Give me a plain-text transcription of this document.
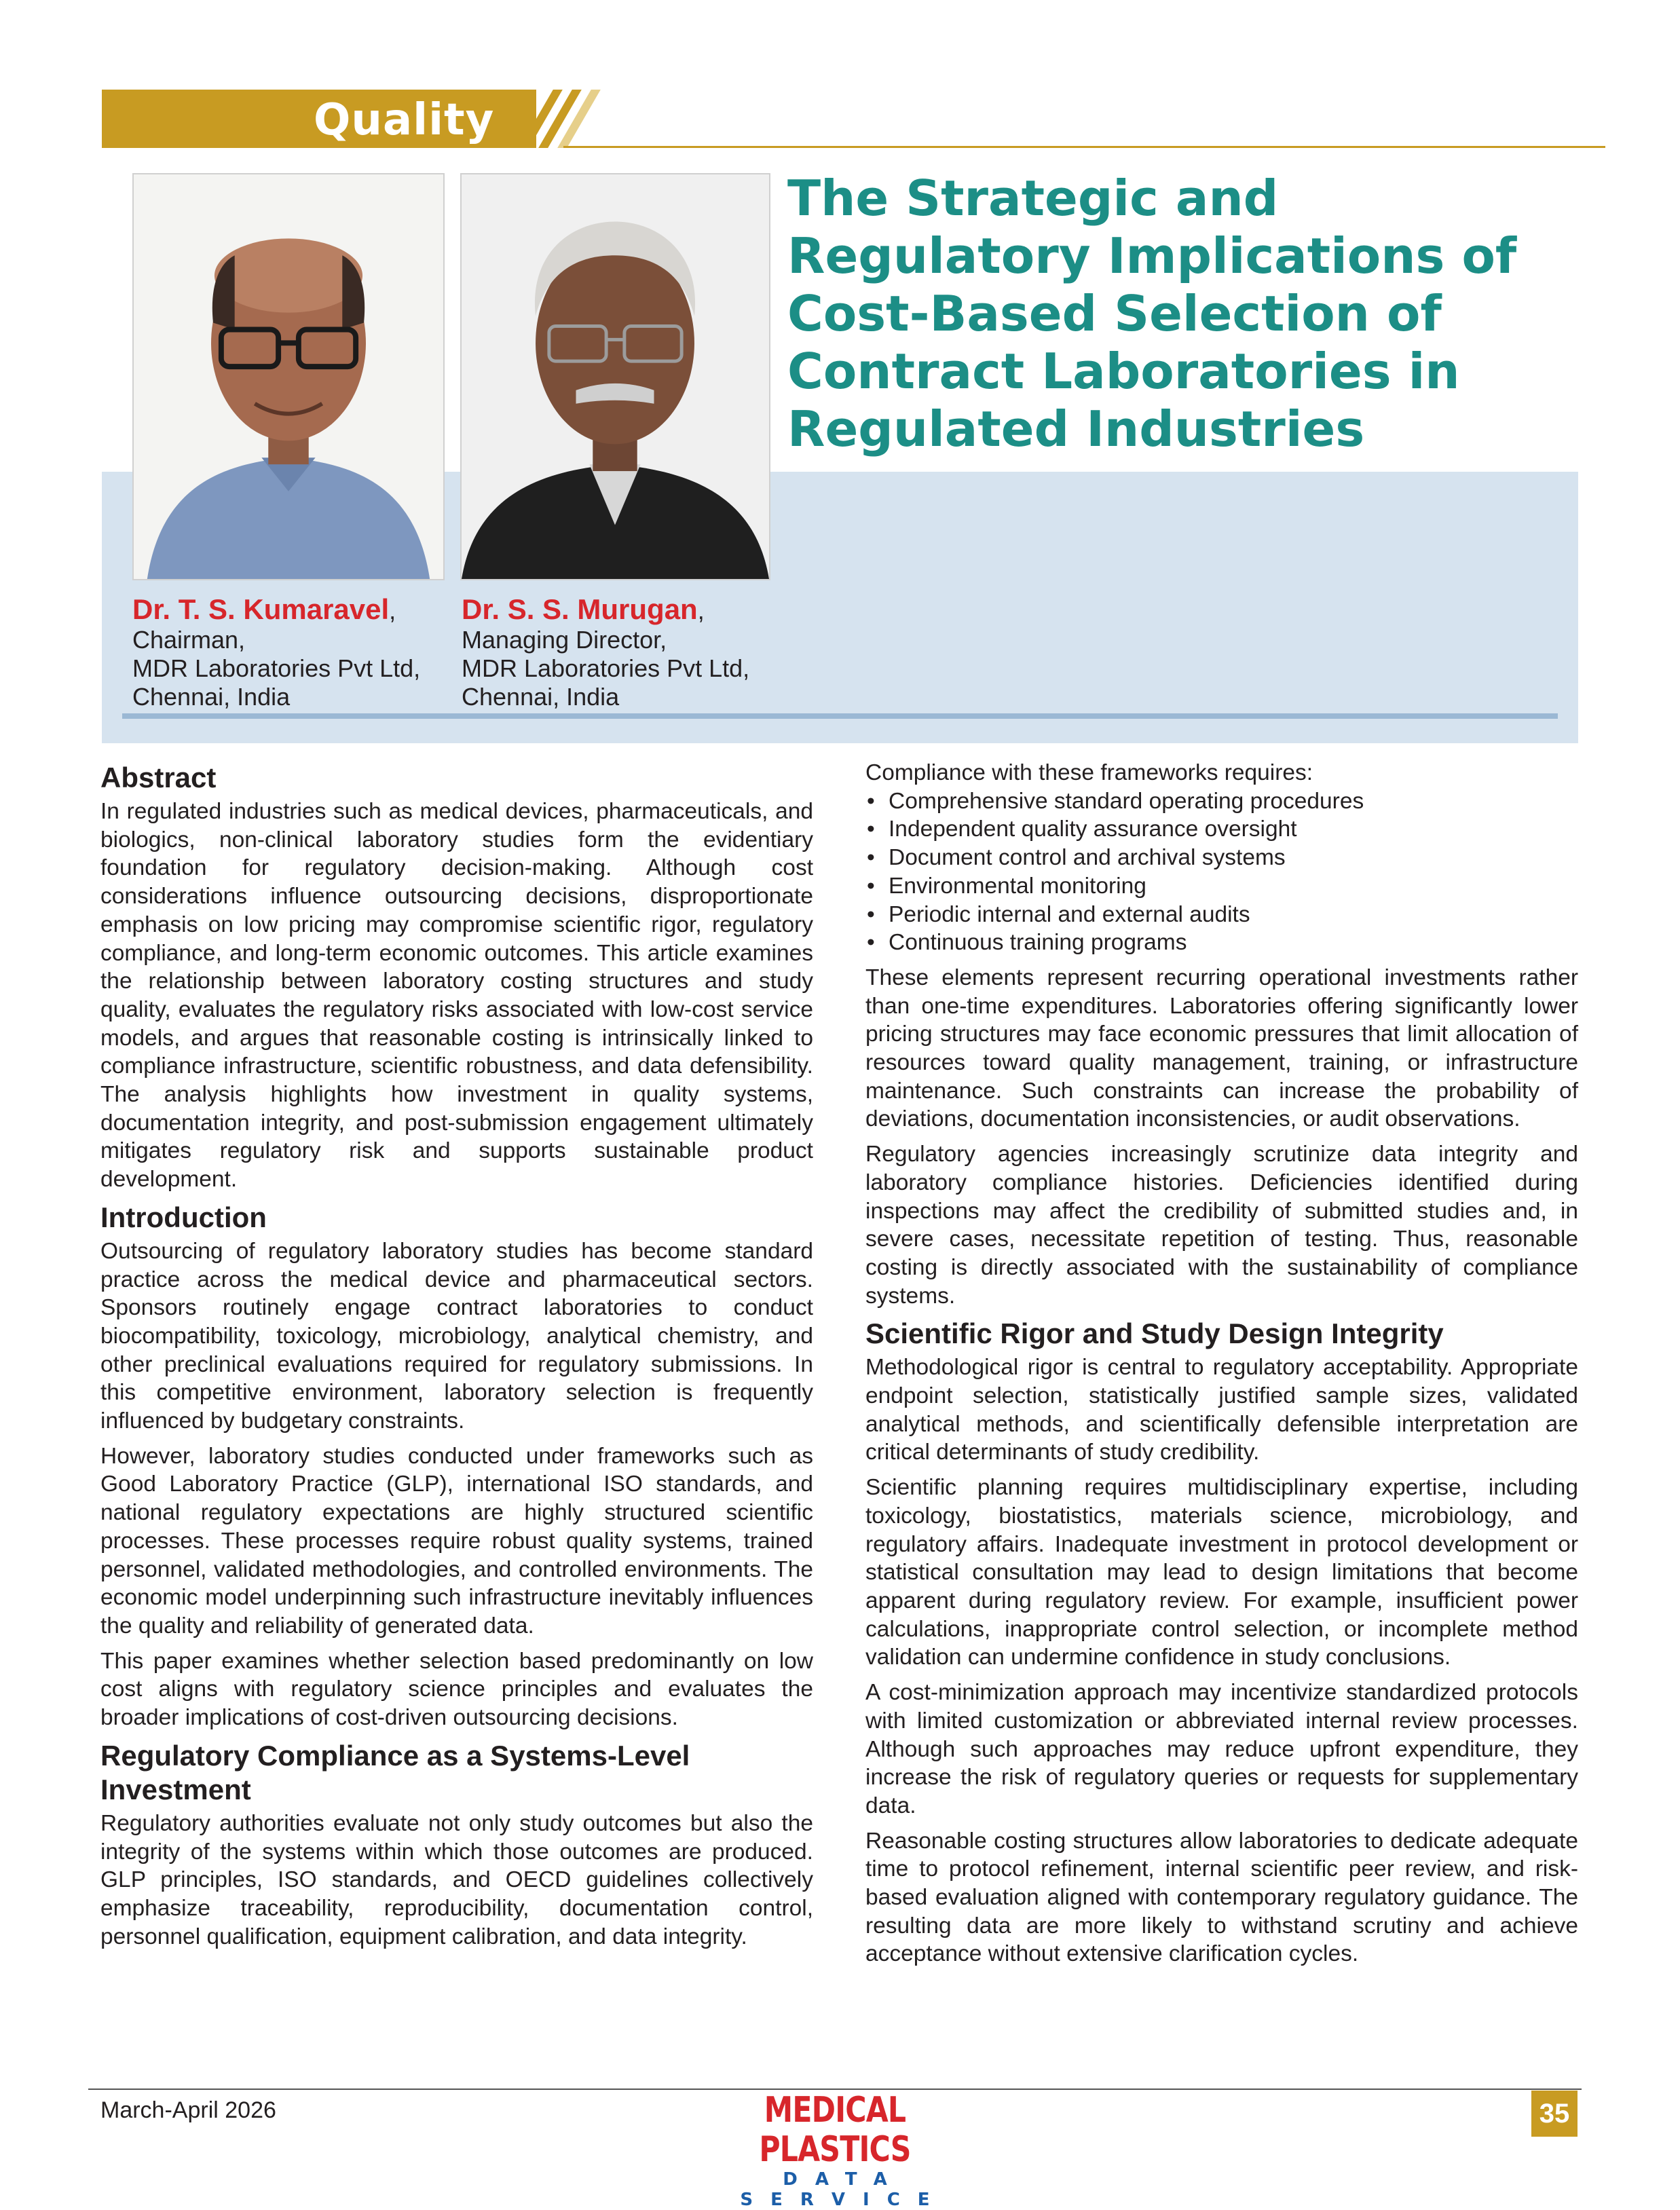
Quality
The Strategic and Regulatory Implications of Cost-Based Selection of Contract Laboratories in Regulated Industries
Dr. T. S. Kumaravel,
Chairman,
MDR Laboratories Pvt Ltd,
Chennai, India
Dr. S. S. Murugan,
Managing Director,
MDR Laboratories Pvt Ltd,
Chennai, India
Abstract

In regulated industries such as medical devices, pharmaceuticals, and biologics, non-clinical laboratory studies form the evidentiary foundation for regulatory decision-making. Although cost considerations influence outsourcing decisions, disproportionate emphasis on low pricing may compromise scientific rigor, regulatory compliance, and long-term economic outcomes. This article examines the relationship between laboratory costing structures and study quality, evaluates the regulatory risks associated with low-cost service models, and argues that reasonable costing is intrinsically linked to compliance infrastructure, scientific robustness, and data defensibility. The analysis highlights how investment in quality systems, documentation integrity, and post-submission engagement ultimately mitigates regulatory risk and supports sustainable product development.

Introduction

Outsourcing of regulatory laboratory studies has become standard practice across the medical device and pharmaceutical sectors. Sponsors routinely engage contract laboratories to conduct biocompatibility, toxicology, microbiology, analytical chemistry, and other preclinical evaluations required for regulatory submissions. In this competitive environment, laboratory selection is frequently influenced by budgetary constraints.

However, laboratory studies conducted under frameworks such as Good Laboratory Practice (GLP), international ISO standards, and national regulatory expectations are highly structured scientific processes. These processes require robust quality systems, trained personnel, validated methodologies, and controlled environments. The economic model underpinning such infrastructure inevitably influences the quality and reliability of generated data.

This paper examines whether selection based predominantly on low cost aligns with regulatory science principles and evaluates the broader implications of cost-driven outsourcing decisions.

Regulatory Compliance as a Systems-Level Investment

Regulatory authorities evaluate not only study outcomes but also the integrity of the systems within which those outcomes are produced. GLP principles, ISO standards, and OECD guidelines collectively emphasize traceability, reproducibility, documentation control, personnel qualification, equipment calibration, and data integrity.

Compliance with these frameworks requires:

• Comprehensive standard operating procedures
• Independent quality assurance oversight
• Document control and archival systems
• Environmental monitoring
• Periodic internal and external audits
• Continuous training programs

These elements represent recurring operational investments rather than one-time expenditures. Laboratories offering significantly lower pricing structures may face economic pressures that limit allocation of resources toward quality management, training, or infrastructure maintenance. Such constraints can increase the probability of deviations, documentation inconsistencies, or audit observations.

Regulatory agencies increasingly scrutinize data integrity and laboratory compliance histories. Deficiencies identified during inspections may affect the credibility of submitted studies and, in severe cases, necessitate repetition of testing. Thus, reasonable costing is directly associated with the sustainability of compliance systems.

Scientific Rigor and Study Design Integrity

Methodological rigor is central to regulatory acceptability. Appropriate endpoint selection, statistically justified sample sizes, validated analytical methods, and scientifically defensible interpretation are critical determinants of study credibility.

Scientific planning requires multidisciplinary expertise, including toxicology, biostatistics, materials science, microbiology, and regulatory affairs. Inadequate investment in protocol development or statistical consultation may lead to design limitations that become apparent during regulatory review. For example, insufficient power calculations, inappropriate control selection, or incomplete method validation can undermine confidence in study conclusions.

A cost-minimization approach may incentivize standardized protocols with limited customization or abbreviated internal review processes. Although such approaches may reduce upfront expenditure, they increase the risk of regulatory queries or requests for supplementary data.

Reasonable costing structures allow laboratories to dedicate adequate time to protocol refinement, internal scientific peer review, and risk-based evaluation aligned with contemporary regulatory guidance. The resulting data are more likely to withstand scrutiny and achieve acceptance without extensive clarification cycles.

March-April 2026	MEDICAL PLASTICS
DATA SERVICE
35
